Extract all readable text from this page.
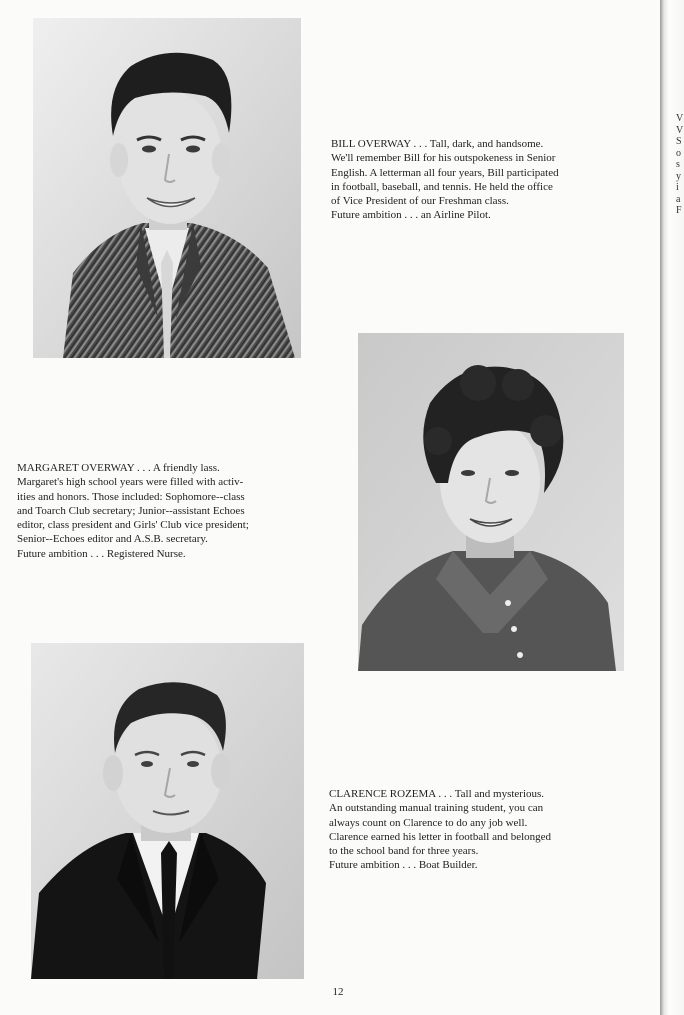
V
V
S
o
s
y
i
a
F
BILL OVERWAY . . . Tall, dark, and handsome.
We'll remember Bill for his outspokeness in Senior
English. A letterman all four years, Bill participated
in football, baseball, and tennis. He held the office
of Vice President of our Freshman class.
Future ambition . . . an Airline Pilot.
MARGARET OVERWAY . . . A friendly lass.
Margaret's high school years were filled with activ-
ities and honors. Those included: Sophomore--class
and Toarch Club secretary; Junior--assistant Echoes
editor, class president and Girls' Club vice president;
Senior--Echoes editor and A.S.B. secretary.
Future ambition . . . Registered Nurse.
CLARENCE ROZEMA . . . Tall and mysterious.
An outstanding manual training student, you can
always count on Clarence to do any job well.
Clarence earned his letter in football and belonged
to the school band for three years.
Future ambition . . . Boat Builder.
12
